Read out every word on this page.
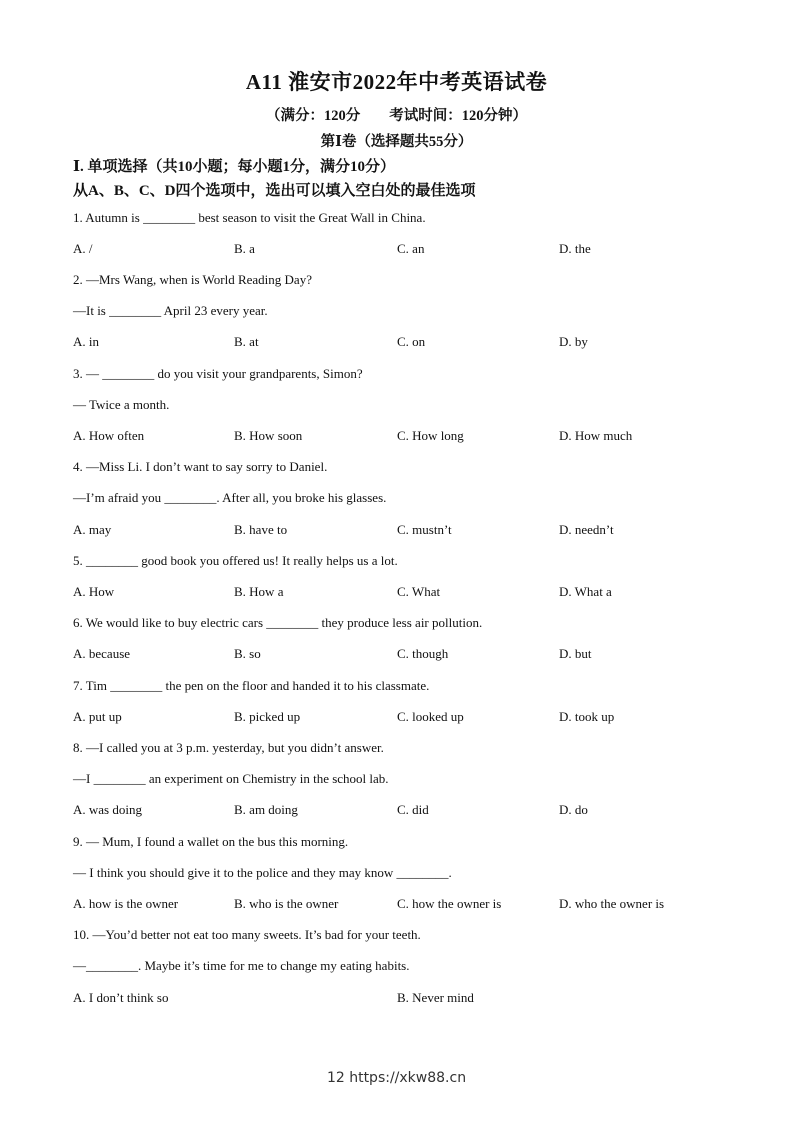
A11 淮安市2022年中考英语试卷
（满分：120分        考试时间：120分钟）
第Ⅰ卷（选择题共55分）
Ⅰ. 单项选择（共10小题；每小题1分，满分10分）
从A、B、C、D四个选项中，选出可以填入空白处的最佳选项
1. Autumn is ________ best season to visit the Great Wall in China.
A. /	B. a	C. an	D. the
2. —Mrs Wang, when is World Reading Day?
—It is ________ April 23 every year.
A. in	B. at	C. on	D. by
3. — ________ do you visit your grandparents, Simon?
— Twice a month.
A. How often	B. How soon	C. How long	D. How much
4. —Miss Li. I don’t want to say sorry to Daniel.
—I’m afraid you ________. After all, you broke his glasses.
A. may	B. have to	C. mustn’t	D. needn’t
5. ________ good book you offered us! It really helps us a lot.
A. How	B. How a	C. What	D. What a
6. We would like to buy electric cars ________ they produce less air pollution.
A. because	B. so	C. though	D. but
7. Tim ________ the pen on the floor and handed it to his classmate.
A. put up	B. picked up	C. looked up	D. took up
8. —I called you at 3 p.m. yesterday, but you didn’t answer.
—I ________ an experiment on Chemistry in the school lab.
A. was doing	B. am doing	C. did	D. do
9. — Mum, I found a wallet on the bus this morning.
— I think you should give it to the police and they may know ________.
A. how is the owner	B. who is the owner	C. how the owner is	D. who the owner is
10. —You’d better not eat too many sweets. It’s bad for your teeth.
—________. Maybe it’s time for me to change my eating habits.
A. I don’t think so	B. Never mind
12 https://xkw88.cn
